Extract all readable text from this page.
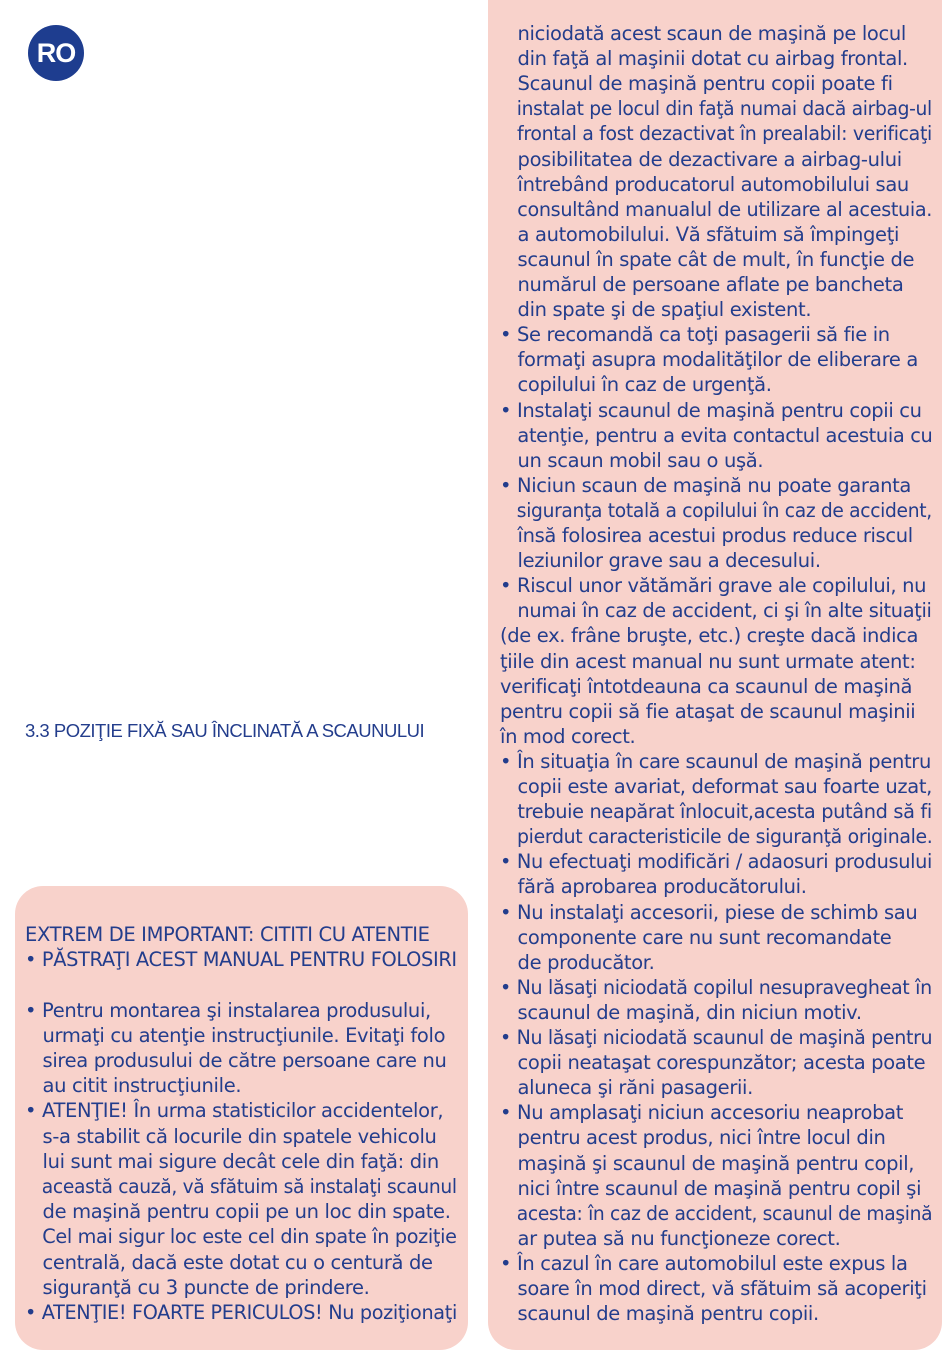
RO
3.3 POZIŢIE FIXĂ SAU ÎNCLINATĂ A SCAUNULUI
EXTREM DE IMPORTANT: CITITI CU ATENTIE
• PĂSTRAŢI ACEST MANUAL PENTRU FOLOSIRI
• Pentru montarea şi instalarea produsului,
urmaţi cu atenţie instrucţiunile. Evitaţi folo
sirea produsului de către persoane care nu
au citit instrucţiunile.
• ATENŢIE! În urma statisticilor accidentelor,
s-a stabilit că locurile din spatele vehicolu
lui sunt mai sigure decât cele din faţă: din
această cauză, vă sfătuim să instalaţi scaunul
de maşină pentru copii pe un loc din spate.
Cel mai sigur loc este cel din spate în poziţie
centrală, dacă este dotat cu o centură de
siguranţă cu 3 puncte de prindere.
• ATENŢIE! FOARTE PERICULOS! Nu poziţionaţi
niciodată acest scaun de maşină pe locul
din faţă al maşinii dotat cu airbag frontal.
Scaunul de maşină pentru copii poate fi
instalat pe locul din faţă numai dacă airbag-ul
frontal a fost dezactivat în prealabil: verificaţi
posibilitatea de dezactivare a airbag-ului
întrebând producatorul automobilului sau
consultând manualul de utilizare al acestuia.
a automobilului. Vă sfătuim să împingeţi
scaunul în spate cât de mult, în funcţie de
numărul de persoane aflate pe bancheta
din spate şi de spaţiul existent.
• Se recomandă ca toţi pasagerii să fie in
formaţi asupra modalităţilor de eliberare a
copilului în caz de urgenţă.
• Instalaţi scaunul de maşină pentru copii cu
atenţie, pentru a evita contactul acestuia cu
un scaun mobil sau o uşă.
• Niciun scaun de maşină nu poate garanta
siguranţa totală a copilului în caz de accident,
însă folosirea acestui produs reduce riscul
leziunilor grave sau a decesului.
• Riscul unor vătămări grave ale copilului, nu
numai în caz de accident, ci şi în alte situaţii
(de ex. frâne bruşte, etc.) creşte dacă indica
ţiile din acest manual nu sunt urmate atent:
verificaţi întotdeauna ca scaunul de maşină
pentru copii să fie ataşat de scaunul maşinii
în mod corect.
• În situaţia în care scaunul de maşină pentru
copii este avariat, deformat sau foarte uzat,
trebuie neapărat înlocuit,acesta putând să fi
pierdut caracteristicile de siguranţă originale.
• Nu efectuaţi modificări / adaosuri produsului
fără aprobarea producătorului.
• Nu instalaţi accesorii, piese de schimb sau
componente care nu sunt recomandate
de producător.
• Nu lăsaţi niciodată copilul nesupravegheat în
scaunul de maşină, din niciun motiv.
• Nu lăsaţi niciodată scaunul de maşină pentru
copii neataşat corespunzător; acesta poate
aluneca şi răni pasagerii.
• Nu amplasaţi niciun accesoriu neaprobat
pentru acest produs, nici între locul din
maşină şi scaunul de maşină pentru copil,
nici între scaunul de maşină pentru copil şi
acesta: în caz de accident, scaunul de maşină
ar putea să nu funcţioneze corect.
• În cazul în care automobilul este expus la
soare în mod direct, vă sfătuim să acoperiţi
scaunul de maşină pentru copii.
